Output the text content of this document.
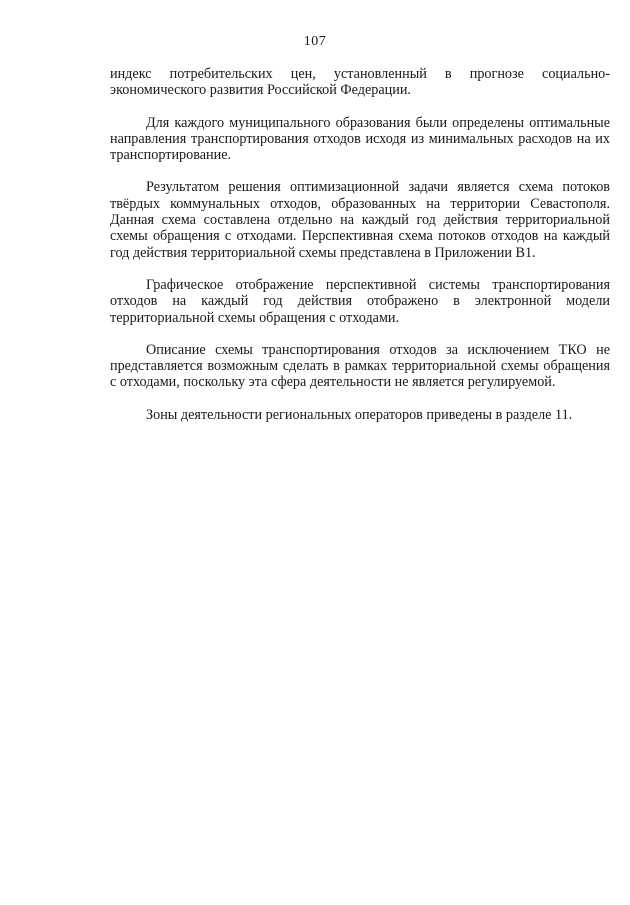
107

индекс потребительских цен, установленный в прогнозе социально-экономического развития Российской Федерации.

Для каждого муниципального образования были определены оптимальные направления транспортирования отходов исходя из минимальных расходов на их транспортирование.

Результатом решения оптимизационной задачи является схема потоков твёрдых коммунальных отходов, образованных на территории Севастополя. Данная схема составлена отдельно на каждый год действия территориальной схемы обращения с отходами. Перспективная схема потоков отходов на каждый год действия территориальной схемы представлена в Приложении В1.

Графическое отображение перспективной системы транспортирования отходов на каждый год действия отображено в электронной модели территориальной схемы обращения с отходами.

Описание схемы транспортирования отходов за исключением ТКО не представляется возможным сделать в рамках территориальной схемы обращения с отходами, поскольку эта сфера деятельности не является регулируемой.

Зоны деятельности региональных операторов приведены в разделе 11.
